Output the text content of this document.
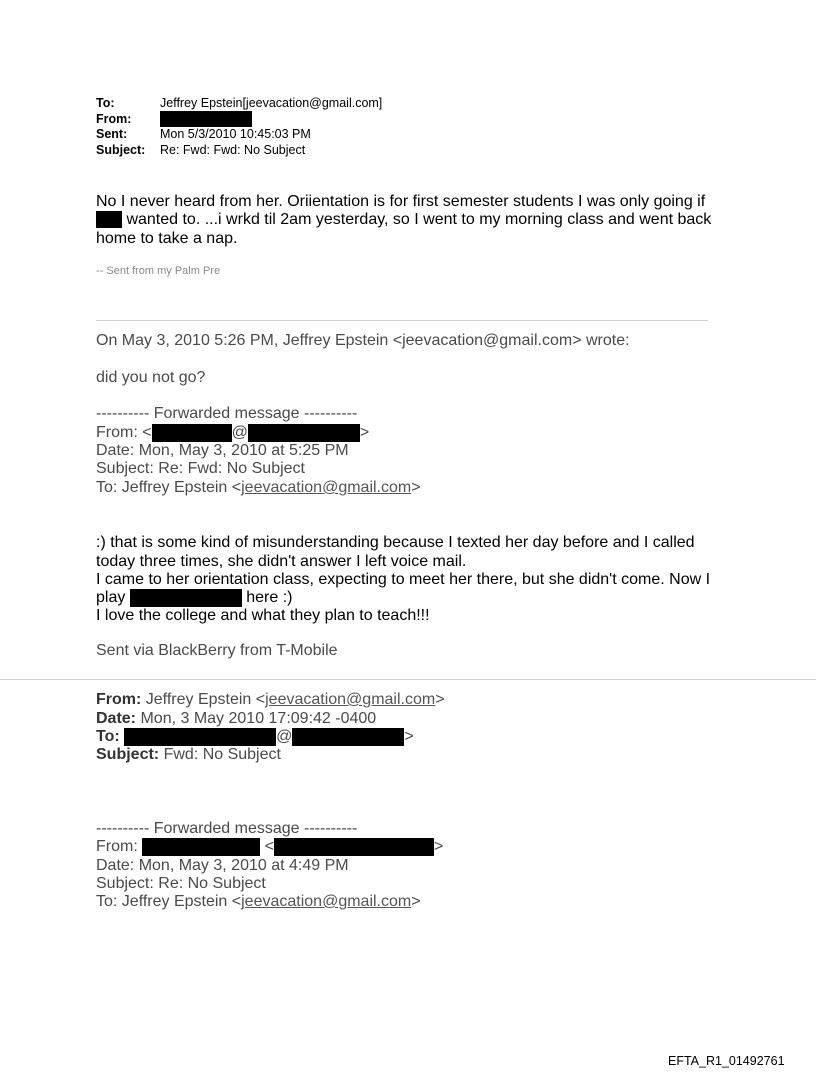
To:	Jeffrey Epstein[jeevacation@gmail.com]
From:
Sent:	Mon 5/3/2010 10:45:03 PM
Subject: Re: Fwd: Fwd: No Subject
No I never heard from her. Oriientation is for first semester students I was only going if
wanted to. ...i wrkd til 2am yesterday, so I went to my morning class and went back
home to take a nap.
-- Sent from my Palm Pre
On May 3, 2010 5:26 PM, Jeffrey Epstein <jeevacation@gmail.com> wrote:
did you not go?
---------- Forwarded message ----------
From: <	@	>
Date: Mon, May 3, 2010 at 5:25 PM
Subject: Re: Fwd: No Subject
To: Jeffrey Epstein <jeevacation@gmail.com>
:) that is some kind of misunderstanding because I texted her day before and I called
today three times, she didn't answer I left voice mail.
I came to her orientation class, expecting to meet her there, but she didn't come. Now I
play	here :)
I love the college and what they plan to teach!!!
Sent via BlackBerry from T-Mobile
From: Jeffrey Epstein <jeevacation@gmail.com>
Date: Mon, 3 May 2010 17:09:42 -0400
To:	@	>
Subject: Fwd: No Subject
---------- Forwarded message ----------
From:	<	>
Date: Mon, May 3, 2010 at 4:49 PM
Subject: Re: No Subject
To: Jeffrey Epstein <jeevacation@gmail.com>
EFTA_R1_01492761
